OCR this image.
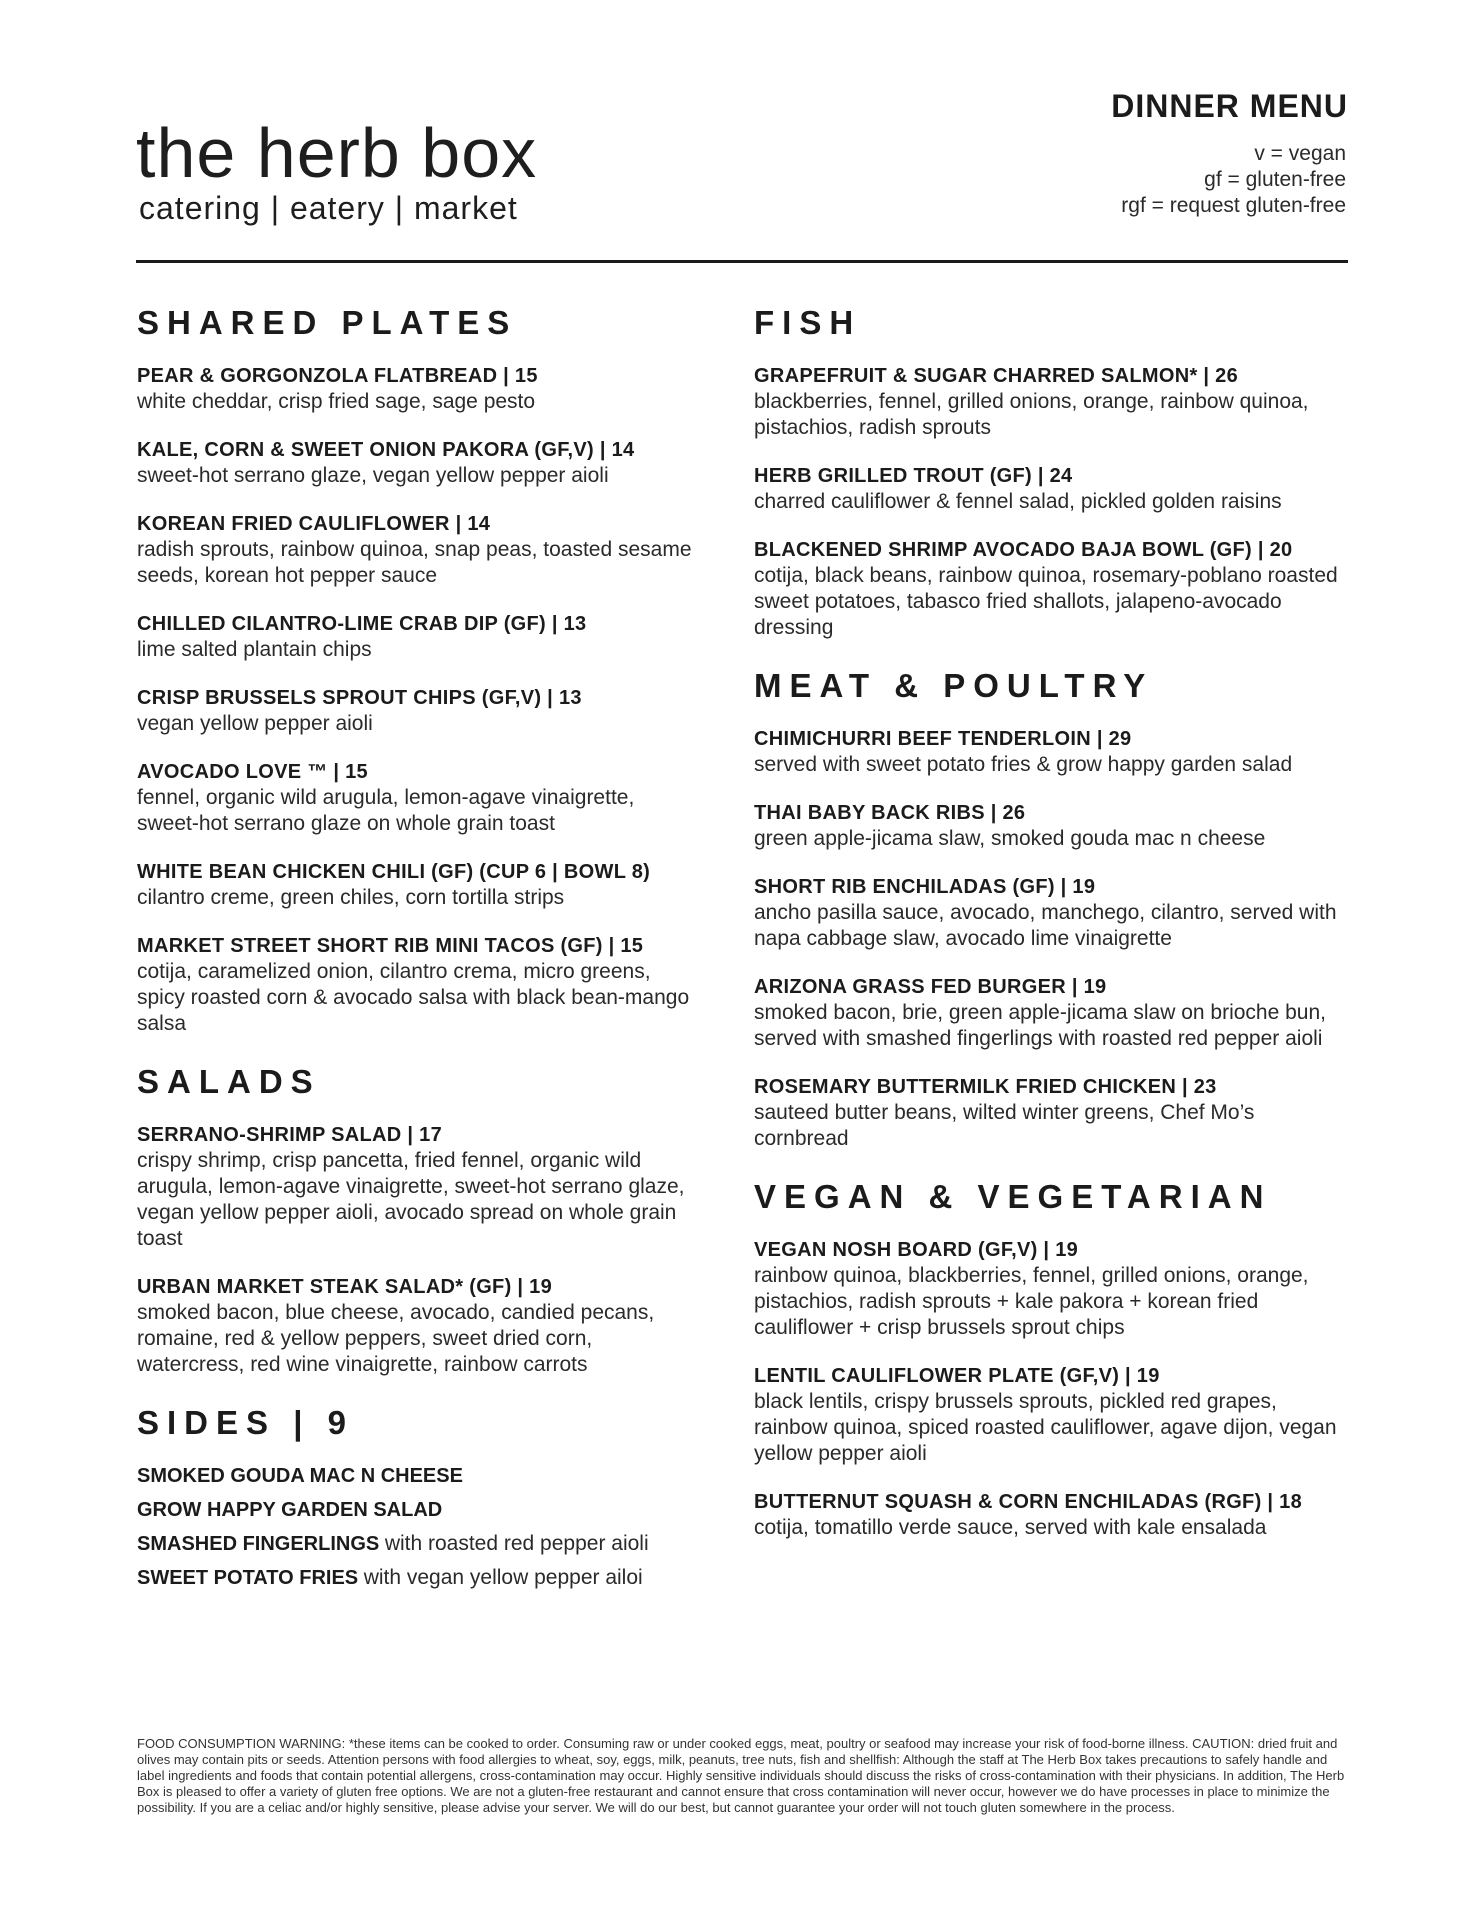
the herb box
catering | eatery | market
DINNER MENU
v = vegan
gf = gluten-free
rgf = request gluten-free
SHARED PLATES
PEAR & GORGONZOLA FLATBREAD | 15
white cheddar, crisp fried sage, sage pesto
KALE, CORN & SWEET ONION PAKORA (GF,V) | 14
sweet-hot serrano glaze, vegan yellow pepper aioli
KOREAN FRIED CAULIFLOWER | 14
radish sprouts, rainbow quinoa, snap peas, toasted sesame seeds, korean hot pepper sauce
CHILLED CILANTRO-LIME CRAB DIP (GF) | 13
lime salted plantain chips
CRISP BRUSSELS SPROUT CHIPS (GF,V) | 13
vegan yellow pepper aioli
AVOCADO LOVE ™ | 15
fennel, organic wild arugula, lemon-agave vinaigrette, sweet-hot serrano glaze on whole grain toast
WHITE BEAN CHICKEN CHILI (GF) (CUP 6 | BOWL 8)
cilantro creme, green chiles, corn tortilla strips
MARKET STREET SHORT RIB MINI TACOS (GF) | 15
cotija, caramelized onion, cilantro crema, micro greens, spicy roasted corn & avocado salsa with black bean-mango salsa
SALADS
SERRANO-SHRIMP SALAD | 17
crispy shrimp, crisp pancetta, fried fennel, organic wild arugula, lemon-agave vinaigrette, sweet-hot serrano glaze, vegan yellow pepper aioli, avocado spread on whole grain toast
URBAN MARKET STEAK SALAD* (GF) | 19
smoked bacon, blue cheese, avocado, candied pecans, romaine, red & yellow peppers, sweet dried corn, watercress, red wine vinaigrette, rainbow carrots
SIDES | 9
SMOKED GOUDA MAC N CHEESE
GROW HAPPY GARDEN SALAD
SMASHED FINGERLINGS with roasted red pepper aioli
SWEET POTATO FRIES with vegan yellow pepper ailoi
FISH
GRAPEFRUIT & SUGAR CHARRED SALMON* | 26
blackberries, fennel, grilled onions, orange, rainbow quinoa, pistachios, radish sprouts
HERB GRILLED TROUT (GF) | 24
charred cauliflower & fennel salad, pickled golden raisins
BLACKENED SHRIMP AVOCADO BAJA BOWL (GF) | 20
cotija, black beans, rainbow quinoa, rosemary-poblano roasted sweet potatoes, tabasco fried shallots, jalapeno-avocado dressing
MEAT & POULTRY
CHIMICHURRI BEEF TENDERLOIN | 29
served with sweet potato fries & grow happy garden salad
THAI BABY BACK RIBS | 26
green apple-jicama slaw, smoked gouda mac n cheese
SHORT RIB ENCHILADAS (GF) | 19
ancho pasilla sauce, avocado, manchego, cilantro, served with napa cabbage slaw, avocado lime vinaigrette
ARIZONA GRASS FED BURGER | 19
smoked bacon, brie, green apple-jicama slaw on brioche bun, served with smashed fingerlings with roasted red pepper aioli
ROSEMARY BUTTERMILK FRIED CHICKEN | 23
sauteed butter beans, wilted winter greens, Chef Mo’s cornbread
VEGAN & VEGETARIAN
VEGAN NOSH BOARD (GF,V) | 19
rainbow quinoa, blackberries, fennel, grilled onions, orange, pistachios, radish sprouts + kale pakora + korean fried cauliflower + crisp brussels sprout chips
LENTIL CAULIFLOWER PLATE (GF,V) | 19
black lentils, crispy brussels sprouts, pickled red grapes, rainbow quinoa, spiced roasted cauliflower, agave dijon, vegan yellow pepper aioli
BUTTERNUT SQUASH & CORN ENCHILADAS (RGF) | 18
cotija, tomatillo verde sauce, served with kale ensalada
FOOD CONSUMPTION WARNING: *these items can be cooked to order. Consuming raw or under cooked eggs, meat, poultry or seafood may increase your risk of food-borne illness. CAUTION: dried fruit and olives may contain pits or seeds. Attention persons with food allergies to wheat, soy, eggs, milk, peanuts, tree nuts, fish and shellfish: Although the staff at The Herb Box takes precautions to safely handle and label ingredients and foods that contain potential allergens, cross-contamination may occur. Highly sensitive individuals should discuss the risks of cross-contamination with their physicians. In addition, The Herb Box is pleased to offer a variety of gluten free options. We are not a gluten-free restaurant and cannot ensure that cross contamination will never occur, however we do have processes in place to minimize the possibility. If you are a celiac and/or highly sensitive, please advise your server. We will do our best, but cannot guarantee your order will not touch gluten somewhere in the process.
